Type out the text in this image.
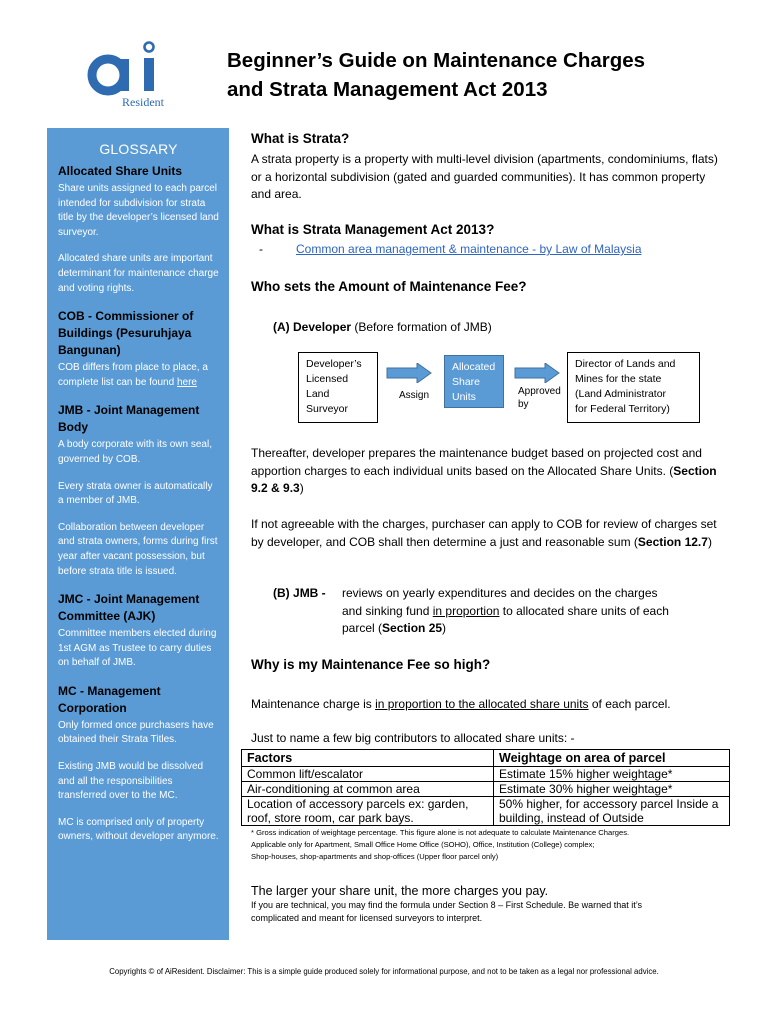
Resident
Beginner’s Guide on Maintenance Charges
and Strata Management Act 2013
GLOSSARY
Allocated Share Units
Share units assigned to each parcel intended for subdivision for strata title by the developer’s licensed land surveyor.
Allocated share units are important determinant for maintenance charge and voting rights.
COB - Commissioner of Buildings (Pesuruhjaya Bangunan)
COB differs from place to place, a complete list can be found here
JMB - Joint Management Body
A body corporate with its own seal, governed by COB.
Every strata owner is automatically a member of JMB.
Collaboration between developer and strata owners, forms during first year after vacant possession, but before strata title is issued.
JMC - Joint Management Committee (AJK)
Committee members elected during 1st AGM as Trustee to carry duties on behalf of JMB.
MC - Management Corporation
Only formed once purchasers have obtained their Strata Titles.
Existing JMB would be dissolved and all the responsibilities transferred over to the MC.
MC is comprised only of property owners, without developer anymore.
What is Strata?
A strata property is a property with multi-level division (apartments, condominiums, flats) or a horizontal subdivision (gated and guarded communities). It has common property and area.
What is Strata Management Act 2013?
-	Common area management & maintenance - by Law of Malaysia
Who sets the Amount of Maintenance Fee?
(A) Developer (Before formation of JMB)
Developer’s
Licensed
Land
Surveyor
Assign
Allocated
Share
Units	Approved
by
Director of Lands and
Mines for the state
(Land Administrator
for Federal Territory)
Thereafter, developer prepares the maintenance budget based on projected cost and apportion charges to each individual units based on the Allocated Share Units. (Section 9.2 & 9.3)
If not agreeable with the charges, purchaser can apply to COB for review of charges set by developer, and COB shall then determine a just and reasonable sum (Section 12.7)
(B) JMB -	reviews on yearly expenditures and decides on the charges
and sinking fund in proportion to allocated share units of each
parcel (Section 25)
Why is my Maintenance Fee so high?
Maintenance charge is in proportion to the allocated share units of each parcel.
Just to name a few big contributors to allocated share units: -
Factors	Weightage on area of parcel
Common lift/escalator	Estimate 15% higher weightage*
Air-conditioning at common area	Estimate 30% higher weightage*
Location of accessory parcels ex: garden, roof, store room, car park bays.	50% higher, for accessory parcel Inside a building, instead of Outside
* Gross indication of weightage percentage. This figure alone is not adequate to calculate Maintenance Charges.
Applicable only for Apartment, Small Office Home Office (SOHO), Office, Institution (College) complex;
Shop-houses, shop-apartments and shop-offices (Upper floor parcel only)
The larger your share unit, the more charges you pay.
If you are technical, you may find the formula under Section 8 – First Schedule. Be warned that it’s
complicated and meant for licensed surveyors to interpret.
Copyrights © of AiResident. Disclaimer: This is a simple guide produced solely for informational purpose, and not to be taken as a legal nor professional advice.
